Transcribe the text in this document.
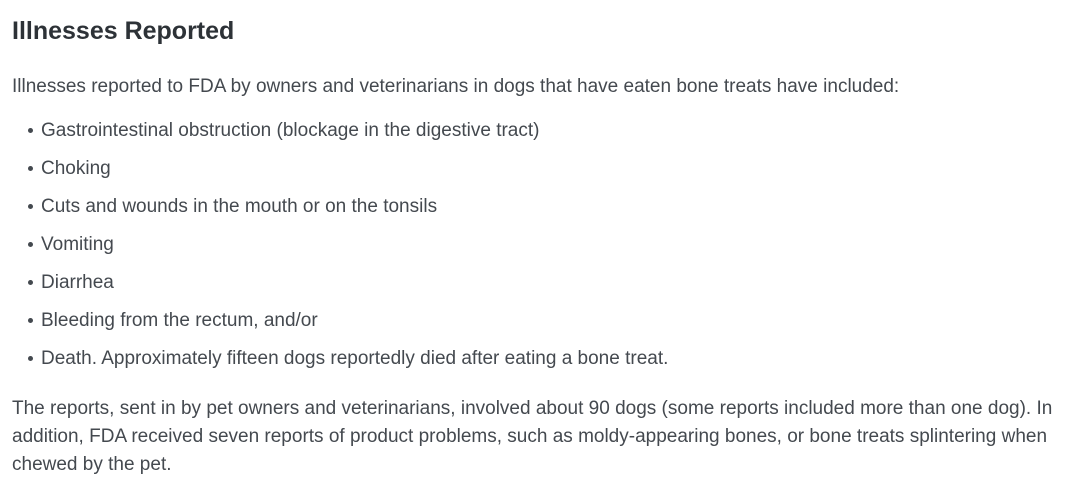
Illnesses Reported

Illnesses reported to FDA by owners and veterinarians in dogs that have eaten bone treats have included:

Gastrointestinal obstruction (blockage in the digestive tract)
Choking
Cuts and wounds in the mouth or on the tonsils
Vomiting
Diarrhea
Bleeding from the rectum, and/or
Death. Approximately fifteen dogs reportedly died after eating a bone treat.

The reports, sent in by pet owners and veterinarians, involved about 90 dogs (some reports included more than one dog). In addition, FDA received seven reports of product problems, such as moldy-appearing bones, or bone treats splintering when chewed by the pet.
